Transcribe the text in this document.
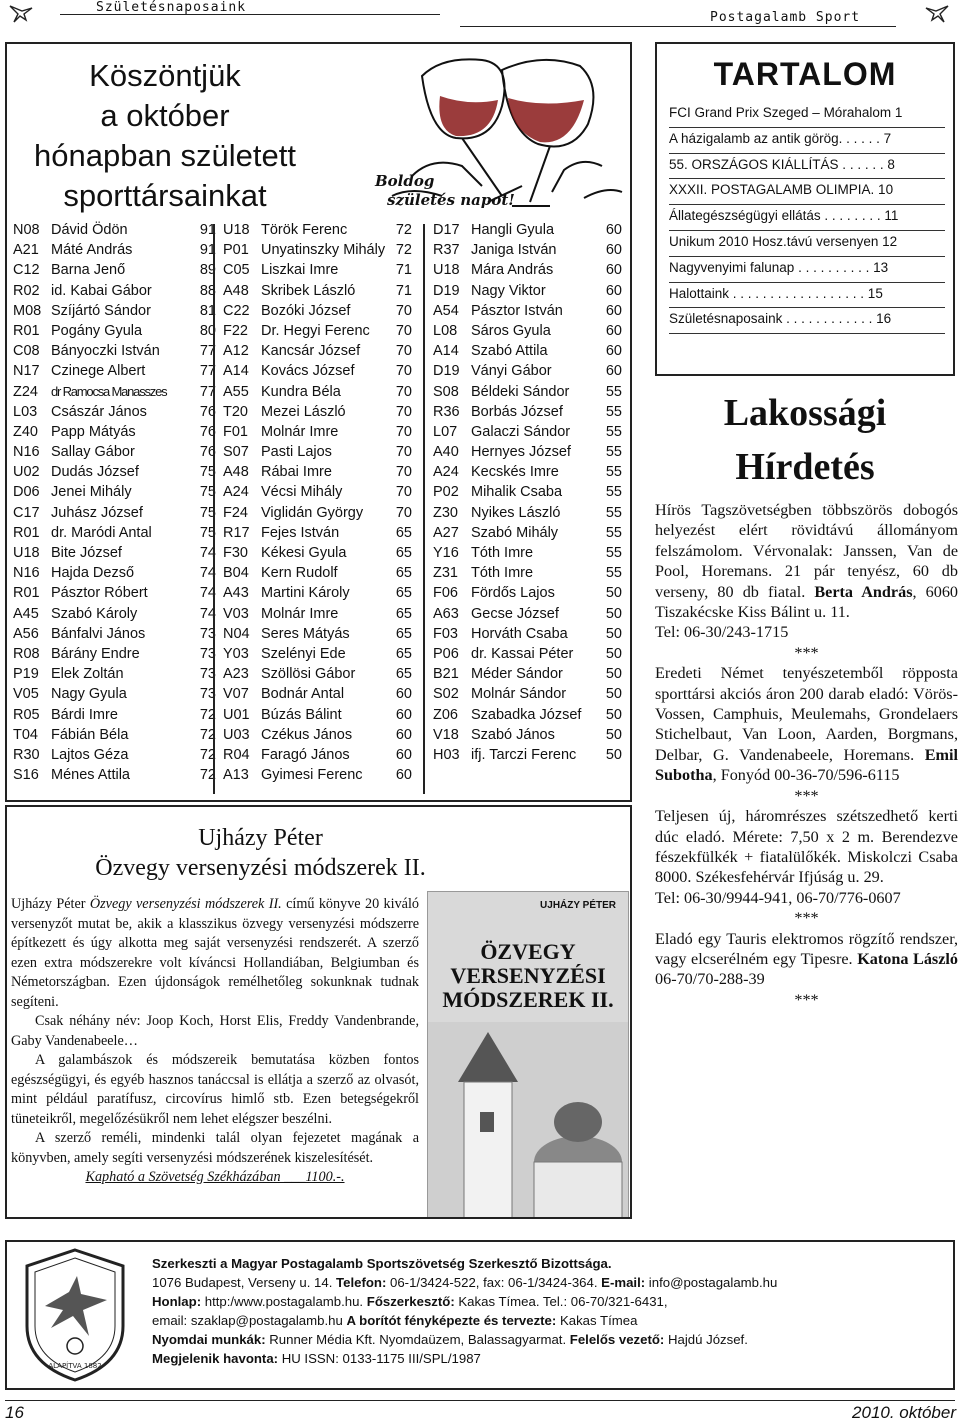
Születésnaposaink
Postagalamb Sport
Köszöntjük
a október
hónapban született
sporttársainkat	Boldog
születés napot!
N08 Dávid Ödön	91
A21 Máté András	91
C12 Barna Jenő	89
R02 id. Kabai Gábor	88
M08 Szíjártó Sándor	81
R01 Pogány Gyula	80
C08 Bányoczki István	77
N17 Czinege Albert	77
Z24	dr Ramocsa Manasszes	77
L03 Császár János	76
Z40 Papp Mátyás	76
N16 Sallay Gábor	76
U02 Dudás József	75
D06 Jenei Mihály	75
C17 Juhász József	75
R01 dr. Maródi Antal	75
U18 Bite József	74
N16 Hajda Dezső	74
R01 Pásztor Róbert	74
A45 Szabó Károly	74
A56 Bánfalvi János	73
R08 Bárány Endre	73
P19 Elek Zoltán	73
V05 Nagy Gyula	73
R05 Bárdi Imre	72
T04 Fábián Béla	72
R30 Lajtos Géza	72
S16 Ménes Attila	72
U18 Török Ferenc	72
P01 Unyatinszky Mihály 72
C05 Liszkai Imre	71
A48 Skribek László	71
C22 Bozóki József	70
F22 Dr. Hegyi Ferenc	70
A12 Kancsár József	70
A14 Kovács József	70
A55 Kundra Béla	70
T20 Mezei László	70
F01 Molnár Imre	70
S07 Pasti Lajos	70
A48 Rábai Imre	70
A24 Vécsi Mihály	70
F24 Viglidán György	70
R17 Fejes István	65
F30 Kékesi Gyula	65
B04 Kern Rudolf	65
A43 Martini Károly	65
V03 Molnár Imre	65
N04 Seres Mátyás	65
Y03 Szelényi Ede	65
A23 Szöllösi Gábor	65
V07 Bodnár Antal	60
U01 Búzás Bálint	60
U03 Czékus János	60
R04 Faragó János	60
A13 Gyimesi Ferenc	60
D17 Hangli Gyula	60
R37 Janiga István	60
U18 Mára András	60
D19 Nagy Viktor	60
A54 Pásztor István	60
L08 Sáros Gyula	60
A14 Szabó Attila	60
D19 Ványi Gábor	60
S08 Béldeki Sándor	55
R36 Borbás József	55
L07 Galaczi Sándor	55
A40 Hernyes József	55
A24 Kecskés Imre	55
P02 Mihalik Csaba	55
Z30 Nyikes László	55
A27 Szabó Mihály	55
Y16 Tóth Imre	55
Z31 Tóth Imre	55
F06 Fördős Lajos	50
A63 Gecse József	50
F03 Horváth Csaba	50
P06 dr. Kassai Péter	50
B21 Méder Sándor	50
S02 Molnár Sándor	50
Z06 Szabadka József	50
V18 Szabó János	50
H03 ifj. Tarczi Ferenc	50
Ujházy Péter
Özvegy versenyzési módszerek II.

Ujházy Péter Özvegy versenyzési módszerek II. című könyve 20 kiváló versenyzőt mutat be, akik a klasszikus özvegy versenyzési módszerre építkezett és úgy alkotta meg saját versenyzési rendszerét. A szerző ezen extra módszerekre volt kíváncsi Hollandiában, Belgiumban és Németországban. Ezen újdonságok remélhetőleg sokunknak tudnak segíteni.

Csak néhány név: Joop Koch, Horst Elis, Freddy Vandenbrande, Gaby Vandenabeele…

A galambászok és módszereik bemutatása közben fontos egészségügyi, és egyéb hasznos tanáccsal is ellátja a szerző az olvasót, mint például paratífusz, circovírus himlő stb. Ezen betegségekről tüneteikről, megelőzésükről nem lehet elégszer beszélni.

A szerző reméli, mindenki talál olyan fejezetet magának a könyvben, amely segíti versenyzési módszerének kiszelesítését.

Kapható a Szövetség Székházában ___1100.-.

UJHÁZY PÉTER
ÖZVEGY
VERSENYZÉSI
MÓDSZEREK II.
TARTALOM
FCI Grand Prix Szeged – Mórahalom 1
A házigalamb az antik görög. . . . . . 7
55. ORSZÁGOS KIÁLLÍTÁS . . . . . . 8
XXXII. POSTAGALAMB OLIMPIA. 10
Állategészségügyi ellátás . . . . . . . . 11
Unikum 2010 Hosz.távú versenyen 12
Nagyvenyimi falunap . . . . . . . . . . 13
Halottaink . . . . . . . . . . . . . . . . . . 15
Születésnaposaink . . . . . . . . . . . . 16
Lakossági
Hírdetés
Hírös Tagszövetségben többszörös dobogós helyezést elért rövidtávú állományom felszámolom. Vérvonalak: Janssen, Van de Pool, Horemans. 21 pár tenyész, 60 db verseny, 80 db fiatal. Berta András, 6060 Tiszakécske Kiss Bálint u. 11.
Tel: 06-30/243-1715
***
Eredeti Német tenyészetemből röpposta sporttársi akciós áron 200 darab eladó: Vörös-Vossen, Camphuis, Meulemahs, Grondelaers Stichelbaut, Van Loon, Aarden, Borgmans, Delbar, G. Vandenabeele, Horemans. Emil Subotha, Fonyód 00-36-70/596-6115
***
Teljesen új, háromrészes szétszedhető kerti dúc eladó. Mérete: 7,50 x 2 m. Berendezve fészekfülkék + fiatalülőkék. Miskolczi Csaba 8000. Székesfehérvár Ifjúság u. 29.
Tel: 06-30/9944-941, 06-70/776-0607
***
Eladó egy Tauris elektromos rögzítő rendszer, vagy elcserélném egy Tipesre. Katona László 06-70/70-288-39
***
ALAPÍTVA 1882
Szerkeszti a Magyar Postagalamb Sportszövetség Szerkesztő Bizottsága.
1076 Budapest, Verseny u. 14. Telefon: 06-1/3424-522, fax: 06-1/3424-364. E-mail: info@postagalamb.hu
Honlap: http:/www.postagalamb.hu. Főszerkesztő: Kakas Tímea. Tel.: 06-70/321-6431,
email: szaklap@postagalamb.hu A borítót fényképezte és tervezte: Kakas Tímea
Nyomdai munkák: Runner Média Kft. Nyomdaüzem, Balassagyarmat. Felelős vezető: Hajdú József.
Megjelenik havonta: HU ISSN: 0133-1175 III/SPL/1987
16	2010. október
